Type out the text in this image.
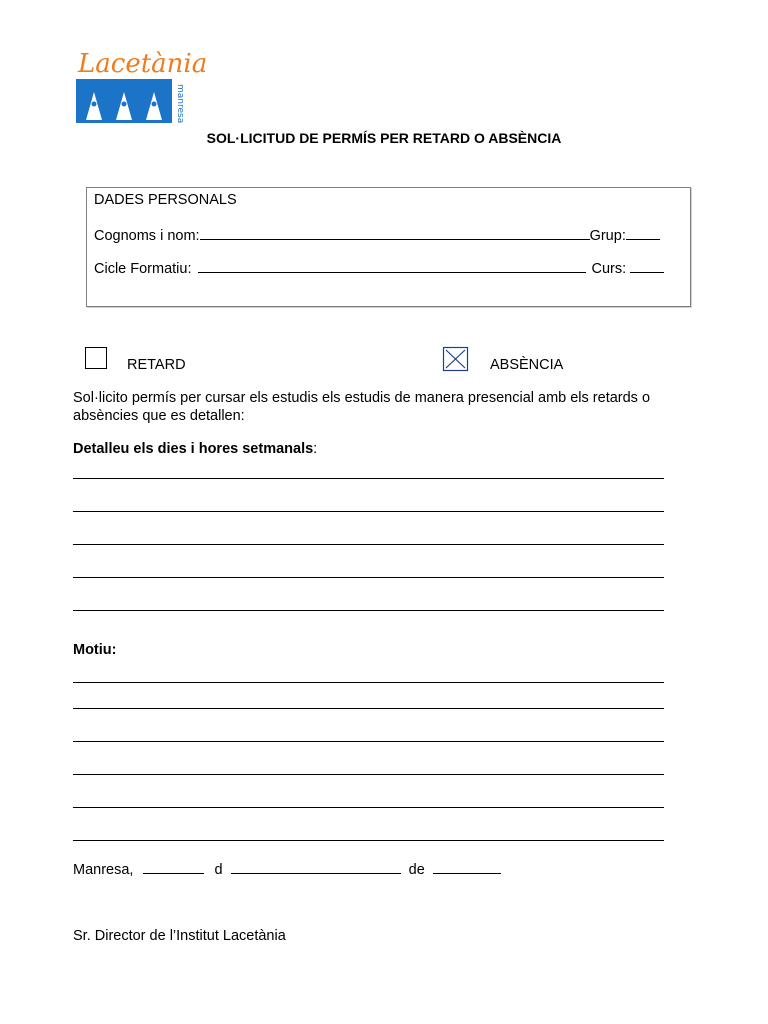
Lacetània
manresa
SOL·LICITUD DE PERMÍS PER RETARD O ABSÈNCIA
DADES PERSONALS
Cognoms i nom:	Grup:
Cicle Formatiu:	Curs:
RETARD	ABSÈNCIA
Sol·licito permís per cursar els estudis els estudis de manera presencial amb els retards o absències que es detallen:
Detalleu els dies i hores setmanals:
Motiu:
Manresa,	d	de
Sr. Director de l’Institut Lacetània
